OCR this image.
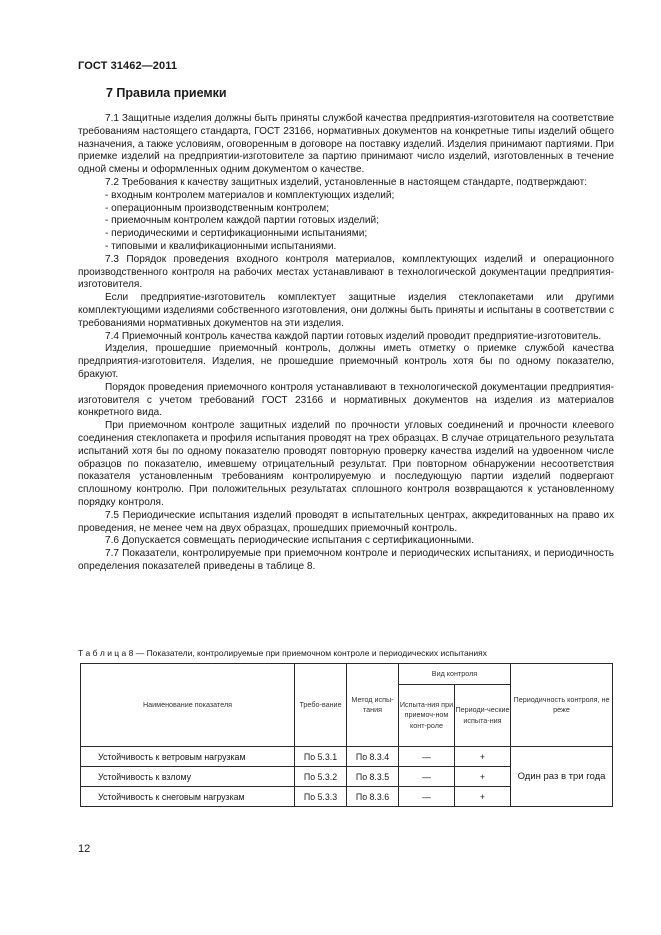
ГОСТ 31462—2011
7 Правила приемки

7.1 Защитные изделия должны быть приняты службой качества предприятия-изготовителя на соответствие требованиям настоящего стандарта, ГОСТ 23166, нормативных документов на конкретные типы изделий общего назначения, а также условиям, оговоренным в договоре на поставку изделий. Изделия принимают партиями. При приемке изделий на предприятии-изготовителе за партию принимают число изделий, изготовленных в течение одной смены и оформленных одним документом о качестве.

7.2 Требования к качеству защитных изделий, установленные в настоящем стандарте, подтверждают:

- входным контролем материалов и комплектующих изделий;
- операционным производственным контролем;
- приемочным контролем каждой партии готовых изделий;
- периодическими и сертификационными испытаниями;
- типовыми и квалификационными испытаниями.

7.3 Порядок проведения входного контроля материалов, комплектующих изделий и операционного производственного контроля на рабочих местах устанавливают в технологической документации предприятия-изготовителя.

Если предприятие-изготовитель комплектует защитные изделия стеклопакетами или другими комплектующими изделиями собственного изготовления, они должны быть приняты и испытаны в соответствии с требованиями нормативных документов на эти изделия.

7.4 Приемочный контроль качества каждой партии готовых изделий проводит предприятие-изготовитель.

Изделия, прошедшие приемочный контроль, должны иметь отметку о приемке службой качества предприятия-изготовителя. Изделия, не прошедшие приемочный контроль хотя бы по одному показателю, бракуют.

Порядок проведения приемочного контроля устанавливают в технологической документации предприятия-изготовителя с учетом требований ГОСТ 23166 и нормативных документов на изделия из материалов конкретного вида.

При приемочном контроле защитных изделий по прочности угловых соединений и прочности клеевого соединения стеклопакета и профиля испытания проводят на трех образцах. В случае отрицательного результата испытаний хотя бы по одному показателю проводят повторную проверку качества изделий на удвоенном числе образцов по показателю, имевшему отрицательный результат. При повторном обнаружении несоответствия показателя установленным требованиям контролируемую и последующую партии изделий подвергают сплошному контролю. При положительных результатах сплошного контроля возвращаются к установленному порядку контроля.

7.5 Периодические испытания изделий проводят в испытательных центрах, аккредитованных на право их проведения, не менее чем на двух образцах, прошедших приемочный контроль.

7.6 Допускается совмещать периодические испытания с сертификационными.

7.7 Показатели, контролируемые при приемочном контроле и периодических испытаниях, и периодичность определения показателей приведены в таблице 8.

Т а б л и ц а 8 — Показатели, контролируемые при приемочном контроле и периодических испытаниях
Наименование показателя	Требо-вание	Метод испы-тания	Вид контроля		Периодичность контроля, не реже
			Испыта-ния при приемоч-ном конт-роле	Периоди-ческие испыта-ния	
Устойчивость к ветровым нагрузкам	По 5.3.1	По 8.3.4	—	+	Один раз в три года
Устойчивость к взлому	По 5.3.2	По 8.3.5	—	+	
Устойчивость к снеговым нагрузкам	По 5.3.3	По 8.3.6	—	+	
12
